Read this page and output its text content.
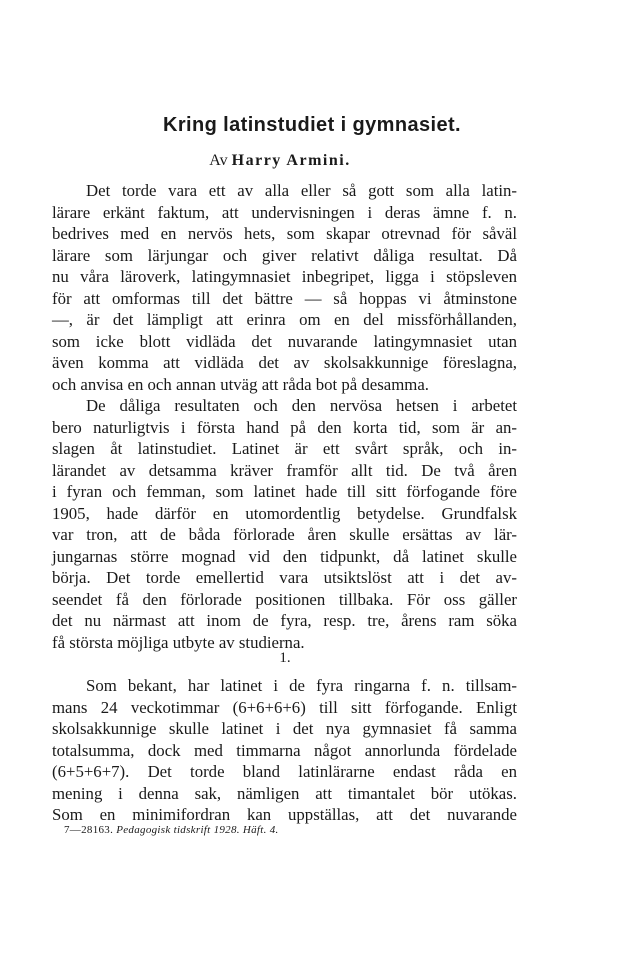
Kring latinstudiet i gymnasiet.
Av Harry Armini.
Det torde vara ett av alla eller så gott som alla latin-
lärare erkänt faktum, att undervisningen i deras ämne f. n.
bedrives med en nervös hets, som skapar otrevnad för såväl
lärare som lärjungar och giver relativt dåliga resultat. Då
nu våra läroverk, latingymnasiet inbegripet, ligga i stöpsleven
för att omformas till det bättre — så hoppas vi åtminstone
—, är det lämpligt att erinra om en del missförhållanden,
som icke blott vidläda det nuvarande latingymnasiet utan
även komma att vidläda det av skolsakkunnige föreslagna,
och anvisa en och annan utväg att råda bot på desamma.
De dåliga resultaten och den nervösa hetsen i arbetet
bero naturligtvis i första hand på den korta tid, som är an-
slagen åt latinstudiet. Latinet är ett svårt språk, och in-
lärandet av detsamma kräver framför allt tid. De två åren
i fyran och femman, som latinet hade till sitt förfogande före
1905, hade därför en utomordentlig betydelse. Grundfalsk
var tron, att de båda förlorade åren skulle ersättas av lär-
jungarnas större mognad vid den tidpunkt, då latinet skulle
börja. Det torde emellertid vara utsiktslöst att i det av-
seendet få den förlorade positionen tillbaka. För oss gäller
det nu närmast att inom de fyra, resp. tre, årens ram söka
få största möjliga utbyte av studierna.
1.
Som bekant, har latinet i de fyra ringarna f. n. tillsam-
mans 24 veckotimmar (6+6+6+6) till sitt förfogande. Enligt
skolsakkunnige skulle latinet i det nya gymnasiet få samma
totalsumma, dock med timmarna något annorlunda fördelade
(6+5+6+7). Det torde bland latinlärarne endast råda en
mening i denna sak, nämligen att timantalet bör utökas.
Som en minimifordran kan uppställas, att det nuvarande
7—28163. Pedagogisk tidskrift 1928. Häft. 4.
